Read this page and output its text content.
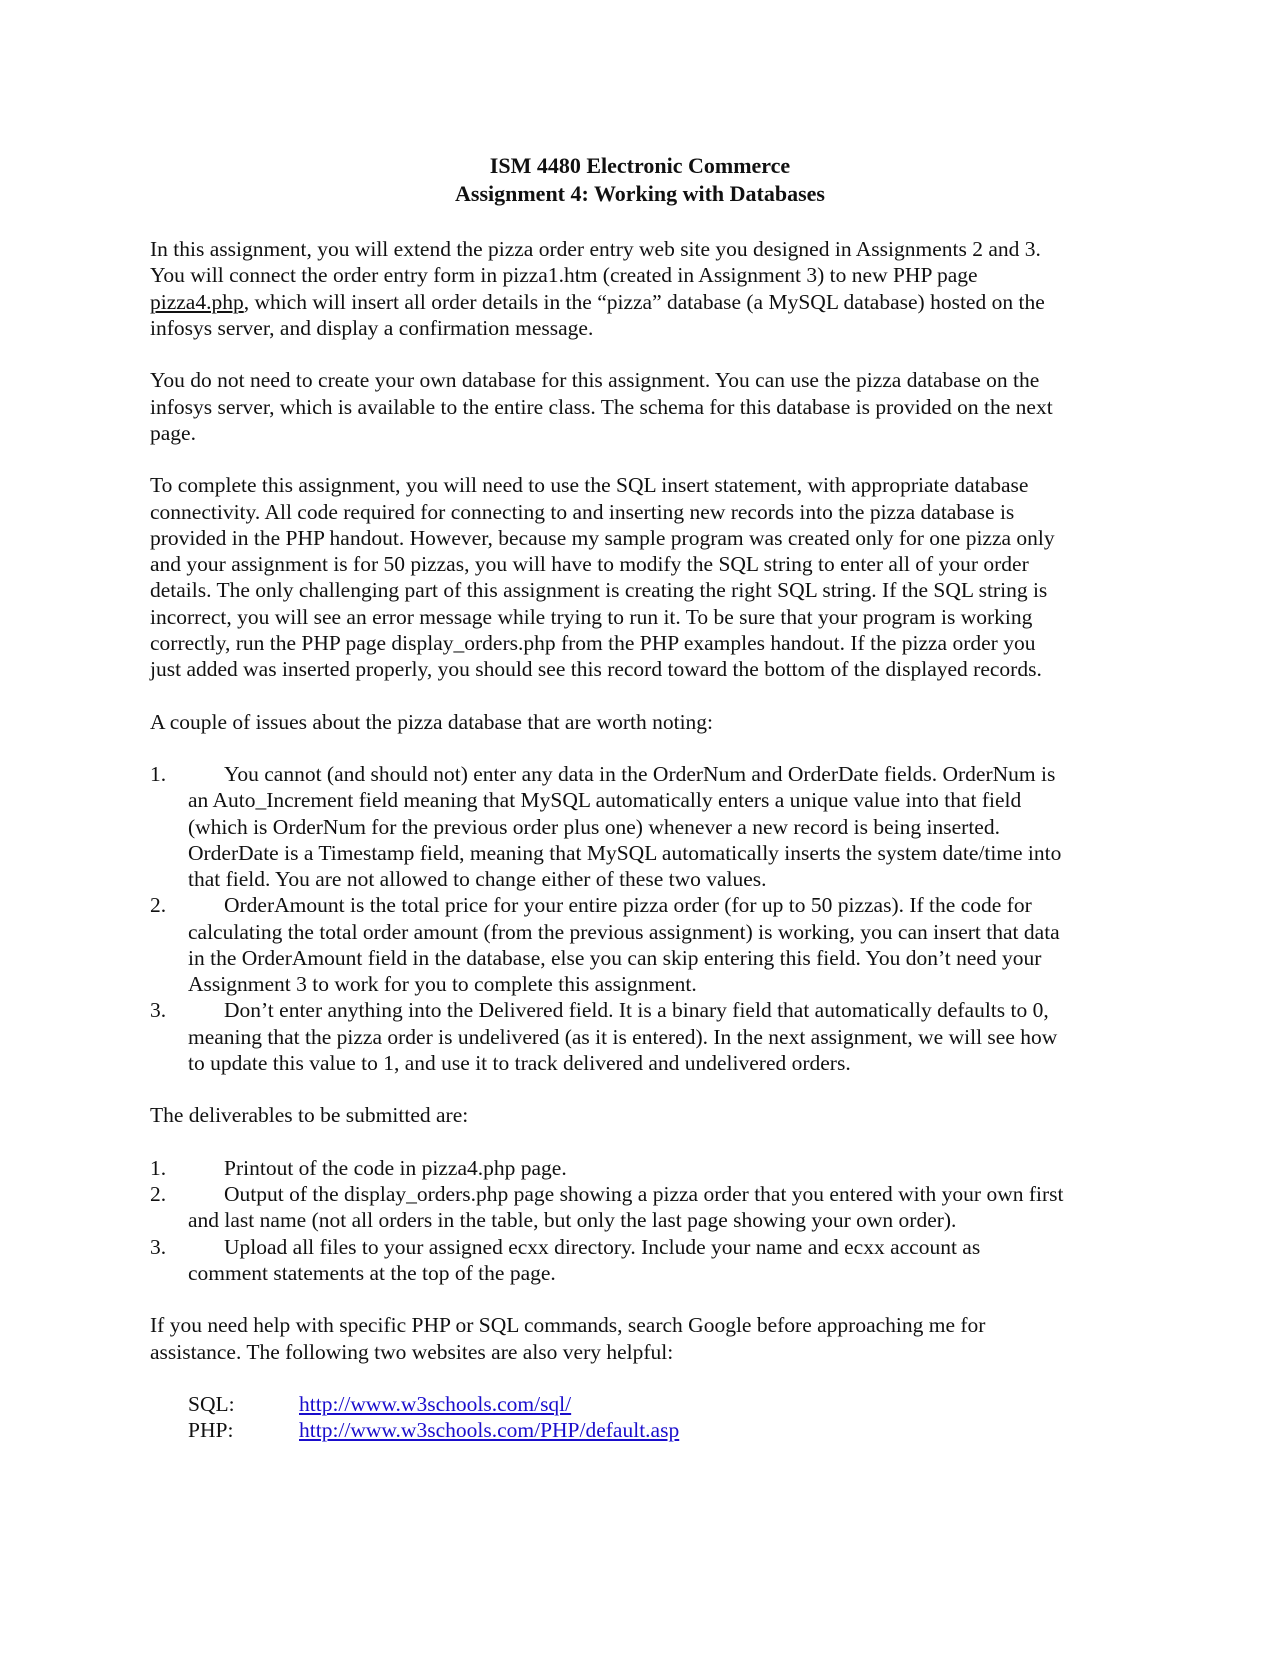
ISM 4480 Electronic Commerce
Assignment 4: Working with Databases
In this assignment, you will extend the pizza order entry web site you designed in Assignments 2 and 3.
You will connect the order entry form in pizza1.htm (created in Assignment 3) to new PHP page
pizza4.php, which will insert all order details in the “pizza” database (a MySQL database) hosted on the
infosys server, and display a confirmation message.
You do not need to create your own database for this assignment. You can use the pizza database on the
infosys server, which is available to the entire class. The schema for this database is provided on the next
page.
To complete this assignment, you will need to use the SQL insert statement, with appropriate database
connectivity. All code required for connecting to and inserting new records into the pizza database is
provided in the PHP handout. However, because my sample program was created only for one pizza only
and your assignment is for 50 pizzas, you will have to modify the SQL string to enter all of your order
details. The only challenging part of this assignment is creating the right SQL string. If the SQL string is
incorrect, you will see an error message while trying to run it. To be sure that your program is working
correctly, run the PHP page display_orders.php from the PHP examples handout. If the pizza order you
just added was inserted properly, you should see this record toward the bottom of the displayed records.
A couple of issues about the pizza database that are worth noting:
1.	You cannot (and should not) enter any data in the OrderNum and OrderDate fields. OrderNum is
an Auto_Increment field meaning that MySQL automatically enters a unique value into that field
(which is OrderNum for the previous order plus one) whenever a new record is being inserted.
OrderDate is a Timestamp field, meaning that MySQL automatically inserts the system date/time into
that field. You are not allowed to change either of these two values.
2.	OrderAmount is the total price for your entire pizza order (for up to 50 pizzas). If the code for
calculating the total order amount (from the previous assignment) is working, you can insert that data
in the OrderAmount field in the database, else you can skip entering this field. You don’t need your
Assignment 3 to work for you to complete this assignment.
3.	Don’t enter anything into the Delivered field. It is a binary field that automatically defaults to 0,
meaning that the pizza order is undelivered (as it is entered). In the next assignment, we will see how
to update this value to 1, and use it to track delivered and undelivered orders.
The deliverables to be submitted are:
1.	Printout of the code in pizza4.php page.
2.	Output of the display_orders.php page showing a pizza order that you entered with your own first
and last name (not all orders in the table, but only the last page showing your own order).
3.	Upload all files to your assigned ecxx directory. Include your name and ecxx account as
comment statements at the top of the page.
If you need help with specific PHP or SQL commands, search Google before approaching me for
assistance. The following two websites are also very helpful:
SQL:	http://www.w3schools.com/sql/
PHP:	http://www.w3schools.com/PHP/default.asp
